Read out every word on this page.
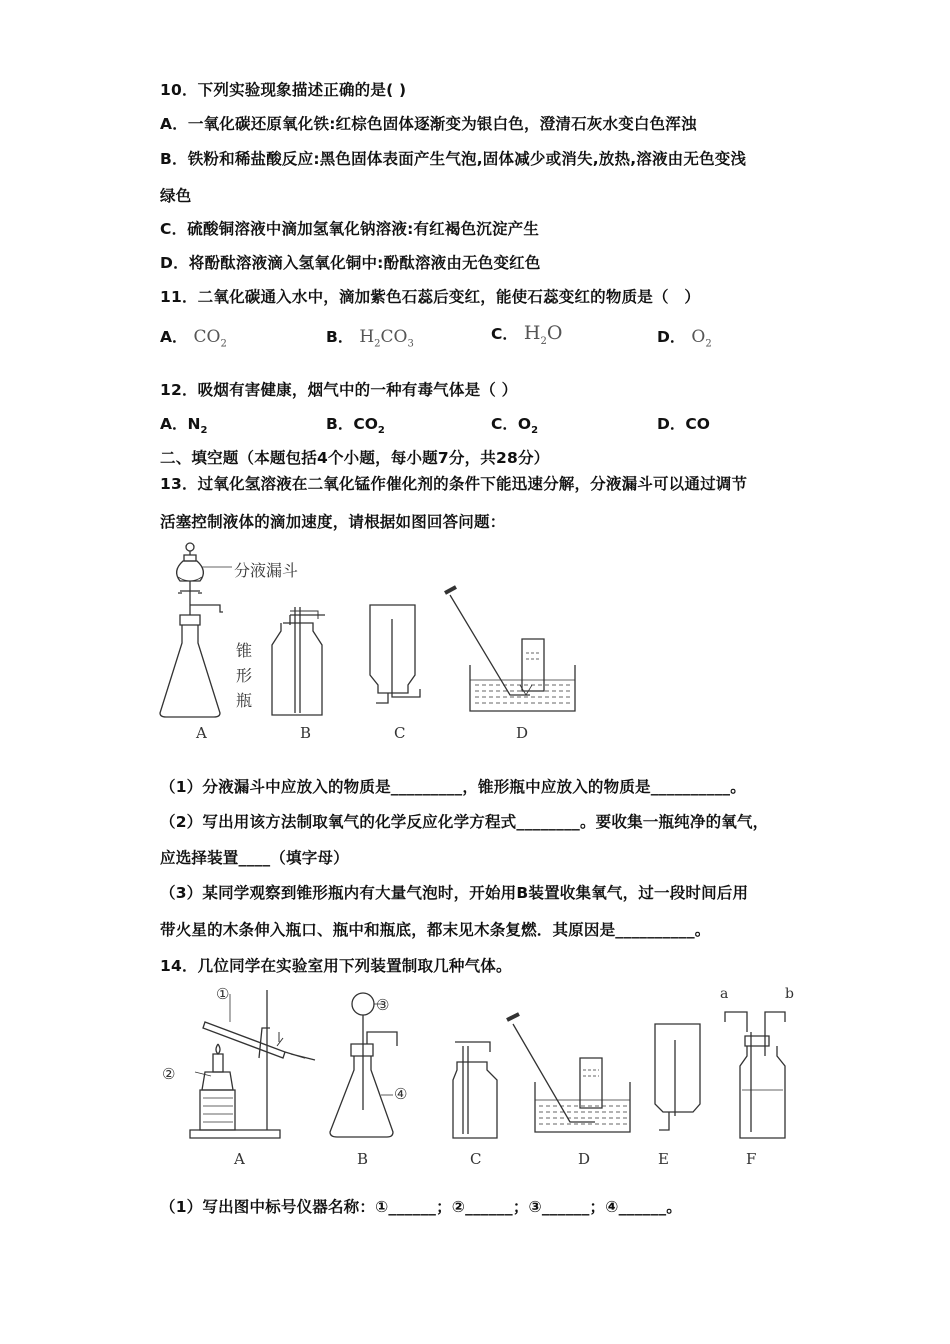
10．下列实验现象描述正确的是( )
A．一氧化碳还原氧化铁:红棕色固体逐渐变为银白色，澄清石灰水变白色浑浊
B．铁粉和稀盐酸反应:黑色固体表面产生气泡,固体减少或消失,放热,溶液由无色变浅
绿色
C．硫酸铜溶液中滴加氢氧化钠溶液:有红褐色沉淀产生
D．将酚酞溶液滴入氢氧化铜中:酚酞溶液由无色变红色
11．二氧化碳通入水中，滴加紫色石蕊后变红，能使石蕊变红的物质是（　）
A． $CO_2$	B． $H_2CO_3$
C． $H_2O$	D． $O_2$
12．吸烟有害健康，烟气中的一种有毒气体是（ ）
A．$N_2$	B．$CO_2$	C．$O_2$	D．CO
二、填空题（本题包括4个小题，每小题7分，共28分）
13．过氧化氢溶液在二氧化锰作催化剂的条件下能迅速分解，分液漏斗可以通过调节
活塞控制液体的滴加速度，请根据如图回答问题：
分液漏斗
锥
形
瓶
A	B	C	D
（1）分液漏斗中应放入的物质是_________，锥形瓶中应放入的物质是__________。
（2）写出用该方法制取氧气的化学反应化学方程式________。要收集一瓶纯净的氧气，
应选择装置____（填字母）
（3）某同学观察到锥形瓶内有大量气泡时，开始用B装置收集氧气，过一段时间后用
带火星的木条伸入瓶口、瓶中和瓶底，都末见木条复燃．其原因是__________。
14．几位同学在实验室用下列装置制取几种气体。
①
②
③
④
a	b
A	B	C	D	E	F
（1）写出图中标号仪器名称：①______；②______；③______；④______。
